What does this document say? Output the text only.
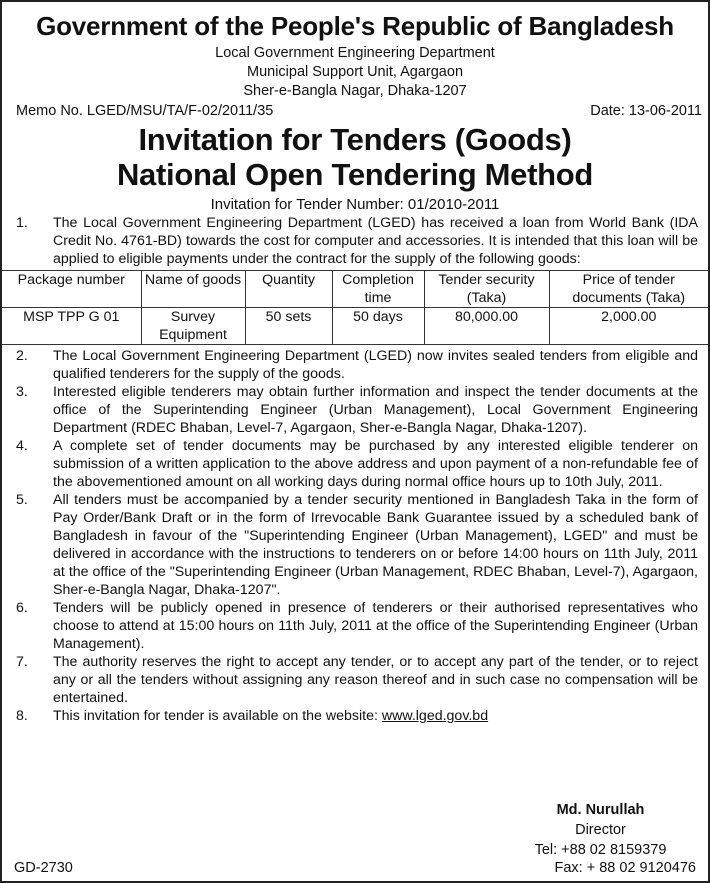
Government of the People's Republic of Bangladesh
Local Government Engineering Department
Municipal Support Unit, Agargaon
Sher-e-Bangla Nagar, Dhaka-1207
Memo No. LGED/MSU/TA/F-02/2011/35	Date: 13-06-2011
Invitation for Tenders (Goods)
National Open Tendering Method
Invitation for Tender Number: 01/2010-2011
1.	The Local Government Engineering Department (LGED) has received a loan from World Bank (IDA Credit No. 4761-BD) towards the cost for computer and accessories. It is intended that this loan will be applied to eligible payments under the contract for the supply of the following goods:
Package number	Name of goods	Quantity	Completion time	Tender security (Taka)	Price of tender documents (Taka)
MSP TPP G 01	Survey Equipment	50 sets	50 days	80,000.00	2,000.00
2.	The Local Government Engineering Department (LGED) now invites sealed tenders from eligible and qualified tenderers for the supply of the goods.
3.	Interested eligible tenderers may obtain further information and inspect the tender documents at the office of the Superintending Engineer (Urban Management), Local Government Engineering Department (RDEC Bhaban, Level-7, Agargaon, Sher-e-Bangla Nagar, Dhaka-1207).
4.	A complete set of tender documents may be purchased by any interested eligible tenderer on submission of a written application to the above address and upon payment of a non-refundable fee of the abovementioned amount on all working days during normal office hours up to 10th July, 2011.
5.	All tenders must be accompanied by a tender security mentioned in Bangladesh Taka in the form of Pay Order/Bank Draft or in the form of Irrevocable Bank Guarantee issued by a scheduled bank of Bangladesh in favour of the "Superintending Engineer (Urban Management), LGED" and must be delivered in accordance with the instructions to tenderers on or before 14:00 hours on 11th July, 2011 at the office of the "Superintending Engineer (Urban Management, RDEC Bhaban, Level-7), Agargaon, Sher-e-Bangla Nagar, Dhaka-1207".
6.	Tenders will be publicly opened in presence of tenderers or their authorised representatives who choose to attend at 15:00 hours on 11th July, 2011 at the office of the Superintending Engineer (Urban Management).
7.	The authority reserves the right to accept any tender, or to accept any part of the tender, or to reject any or all the tenders without assigning any reason thereof and in such case no compensation will be entertained.
8.	This invitation for tender is available on the website: www.lged.gov.bd
Md. Nurullah
Director
Tel: +88 02 8159379
GD-2730	Fax: + 88 02 9120476
